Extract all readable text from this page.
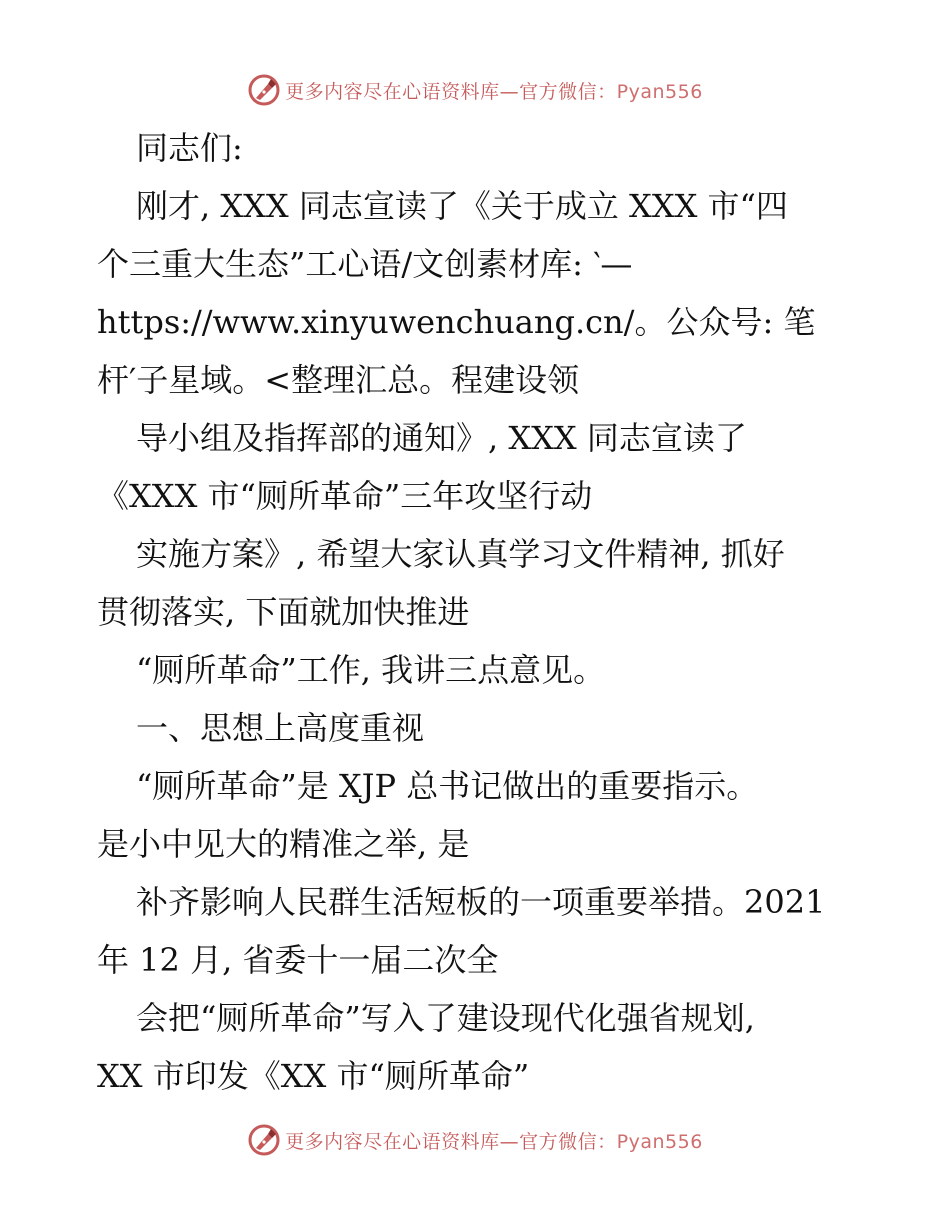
更多内容尽在心语资料库—官方微信：Pyan556
同志们:
刚才, XXX 同志宣读了《关于成立 XXX 市“四
个三重大生态”工心语/文创素材库: ‵—
https://www.xinyuwenchuang.cn/。公众号: 笔
杆′子星域。<整理汇总。程建设领
导小组及指挥部的通知》, XXX 同志宣读了
《XXX 市“厕所革命”三年攻坚行动
实施方案》, 希望大家认真学习文件精神, 抓好
贯彻落实, 下面就加快推进
“厕所革命”工作, 我讲三点意见。
一、思想上高度重视
“厕所革命”是 XJP 总书记做出的重要指示。
是小中见大的精准之举, 是
补齐影响人民群生活短板的一项重要举措。2021
年 12 月, 省委十一届二次全
会把“厕所革命”写入了建设现代化强省规划,
XX 市印发《XX 市“厕所革命”
更多内容尽在心语资料库—官方微信：Pyan556
